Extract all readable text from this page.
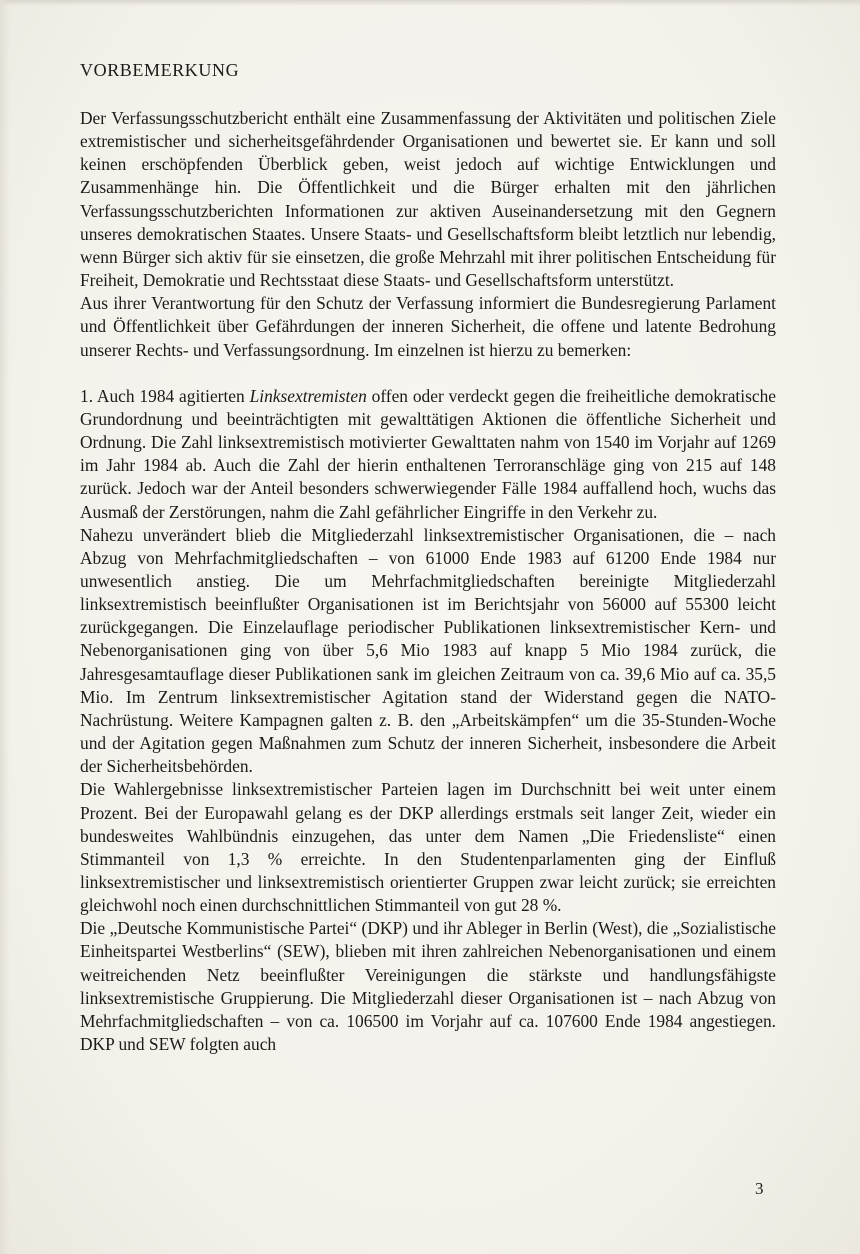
VORBEMERKUNG

Der Verfassungsschutzbericht enthält eine Zusammenfassung der Aktivitäten und politischen Ziele extremistischer und sicherheitsgefährdender Organisationen und bewertet sie. Er kann und soll keinen erschöpfenden Überblick geben, weist jedoch auf wichtige Entwicklungen und Zusammenhänge hin. Die Öffentlichkeit und die Bürger erhalten mit den jährlichen Verfassungsschutzberichten Informationen zur aktiven Auseinandersetzung mit den Gegnern unseres demokratischen Staates. Unsere Staats- und Gesellschaftsform bleibt letztlich nur lebendig, wenn Bürger sich aktiv für sie einsetzen, die große Mehrzahl mit ihrer politischen Entscheidung für Freiheit, Demokratie und Rechtsstaat diese Staats- und Gesellschaftsform unterstützt.

Aus ihrer Verantwortung für den Schutz der Verfassung informiert die Bundesregierung Parlament und Öffentlichkeit über Gefährdungen der inneren Sicherheit, die offene und latente Bedrohung unserer Rechts- und Verfassungsordnung. Im einzelnen ist hierzu zu bemerken:

1. Auch 1984 agitierten Linksextremisten offen oder verdeckt gegen die freiheitliche demokratische Grundordnung und beeinträchtigten mit gewalttätigen Aktionen die öffentliche Sicherheit und Ordnung. Die Zahl linksextremistisch motivierter Gewalttaten nahm von 1540 im Vorjahr auf 1269 im Jahr 1984 ab. Auch die Zahl der hierin enthaltenen Terroranschläge ging von 215 auf 148 zurück. Jedoch war der Anteil besonders schwerwiegender Fälle 1984 auffallend hoch, wuchs das Ausmaß der Zerstörungen, nahm die Zahl gefährlicher Eingriffe in den Verkehr zu.

Nahezu unverändert blieb die Mitgliederzahl linksextremistischer Organisationen, die – nach Abzug von Mehrfachmitgliedschaften – von 61000 Ende 1983 auf 61200 Ende 1984 nur unwesentlich anstieg. Die um Mehrfachmitgliedschaften bereinigte Mitgliederzahl linksextremistisch beeinflußter Organisationen ist im Berichtsjahr von 56000 auf 55300 leicht zurückgegangen. Die Einzelauflage periodischer Publikationen linksextremistischer Kern- und Nebenorganisationen ging von über 5,6 Mio 1983 auf knapp 5 Mio 1984 zurück, die Jahresgesamtauflage dieser Publikationen sank im gleichen Zeitraum von ca. 39,6 Mio auf ca. 35,5 Mio. Im Zentrum linksextremistischer Agitation stand der Widerstand gegen die NATO-Nachrüstung. Weitere Kampagnen galten z. B. den „Arbeitskämpfen“ um die 35-Stunden-Woche und der Agitation gegen Maßnahmen zum Schutz der inneren Sicherheit, insbesondere die Arbeit der Sicherheitsbehörden.

Die Wahlergebnisse linksextremistischer Parteien lagen im Durchschnitt bei weit unter einem Prozent. Bei der Europawahl gelang es der DKP allerdings erstmals seit langer Zeit, wieder ein bundesweites Wahlbündnis einzugehen, das unter dem Namen „Die Friedensliste“ einen Stimmanteil von 1,3 % erreichte. In den Studentenparlamenten ging der Einfluß linksextremistischer und linksextremistisch orientierter Gruppen zwar leicht zurück; sie erreichten gleichwohl noch einen durchschnittlichen Stimmanteil von gut 28 %.

Die „Deutsche Kommunistische Partei“ (DKP) und ihr Ableger in Berlin (West), die „Sozialistische Einheitspartei Westberlins“ (SEW), blieben mit ihren zahlreichen Nebenorganisationen und einem weitreichenden Netz beeinflußter Vereinigungen die stärkste und handlungsfähigste linksextremistische Gruppierung. Die Mitgliederzahl dieser Organisationen ist – nach Abzug von Mehrfachmitgliedschaften – von ca. 106500 im Vorjahr auf ca. 107600 Ende 1984 angestiegen. DKP und SEW folgten auch

3
